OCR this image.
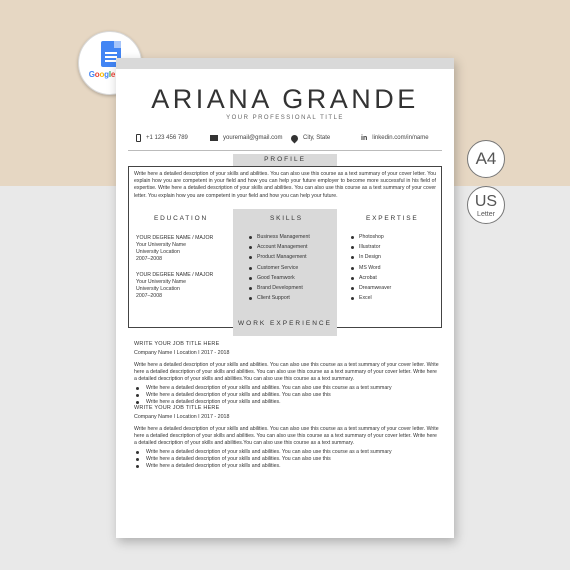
Google
A4
US
Letter
ARIANA GRANDE
YOUR PROFESSIONAL TITLE
+1 123 456 789	youremail@gmail.com	City, State	in linkedin.com/in/name
PROFILE
Write here a detailed description of your skills and abilities. You can also use this course as a text summary of your cover letter. You explain how you are competent in your field and how you can help your future employer to become more successful in his field of expertise. Write here a detailed description of your skills and abilities. You can also use this course as a text summary of your cover letter. You explain how you are competent in your field and how you can help your future.
EDUCATION	SKILLS	EXPERTISE
YOUR DEGREE NAME / MAJOR
Your University Name
University Location
2007–2008
YOUR DEGREE NAME / MAJOR
Your University Name
University Location
2007–2008
Business Management
Account Management
Product Management
Customer Service
Good Teamwork
Brand Development
Client Support
Photoshop
Illustrator
In Design
MS Word
Acrobat
Dreamweaver
Excel
WORK EXPERIENCE
WRITE YOUR JOB TITLE HERE
Company Name I Location I 2017 - 2018
Write here a detailed description of your skills and abilities. You can also use this course as a text summary of your cover letter. Write here a detailed description of your skills and abilities. You can also use this course as a text summary of your cover letter. Write here a detailed description of your skills and abilities.You can also use this course as a text summary.
Write here a detailed description of your skills and abilities. You can also use this course as a text summary
Write here a detailed description of your skills and abilities. You can also use this
Write here a detailed description of your skills and abilities.
WRITE YOUR JOB TITLE HERE
Company Name I Location I 2017 - 2018
Write here a detailed description of your skills and abilities. You can also use this course as a text summary of your cover letter. Write here a detailed description of your skills and abilities. You can also use this course as a text summary of your cover letter. Write here a detailed description of your skills and abilities.You can also use this course as a text summary.
Write here a detailed description of your skills and abilities. You can also use this course as a text summary
Write here a detailed description of your skills and abilities. You can also use this
Write here a detailed description of your skills and abilities.
